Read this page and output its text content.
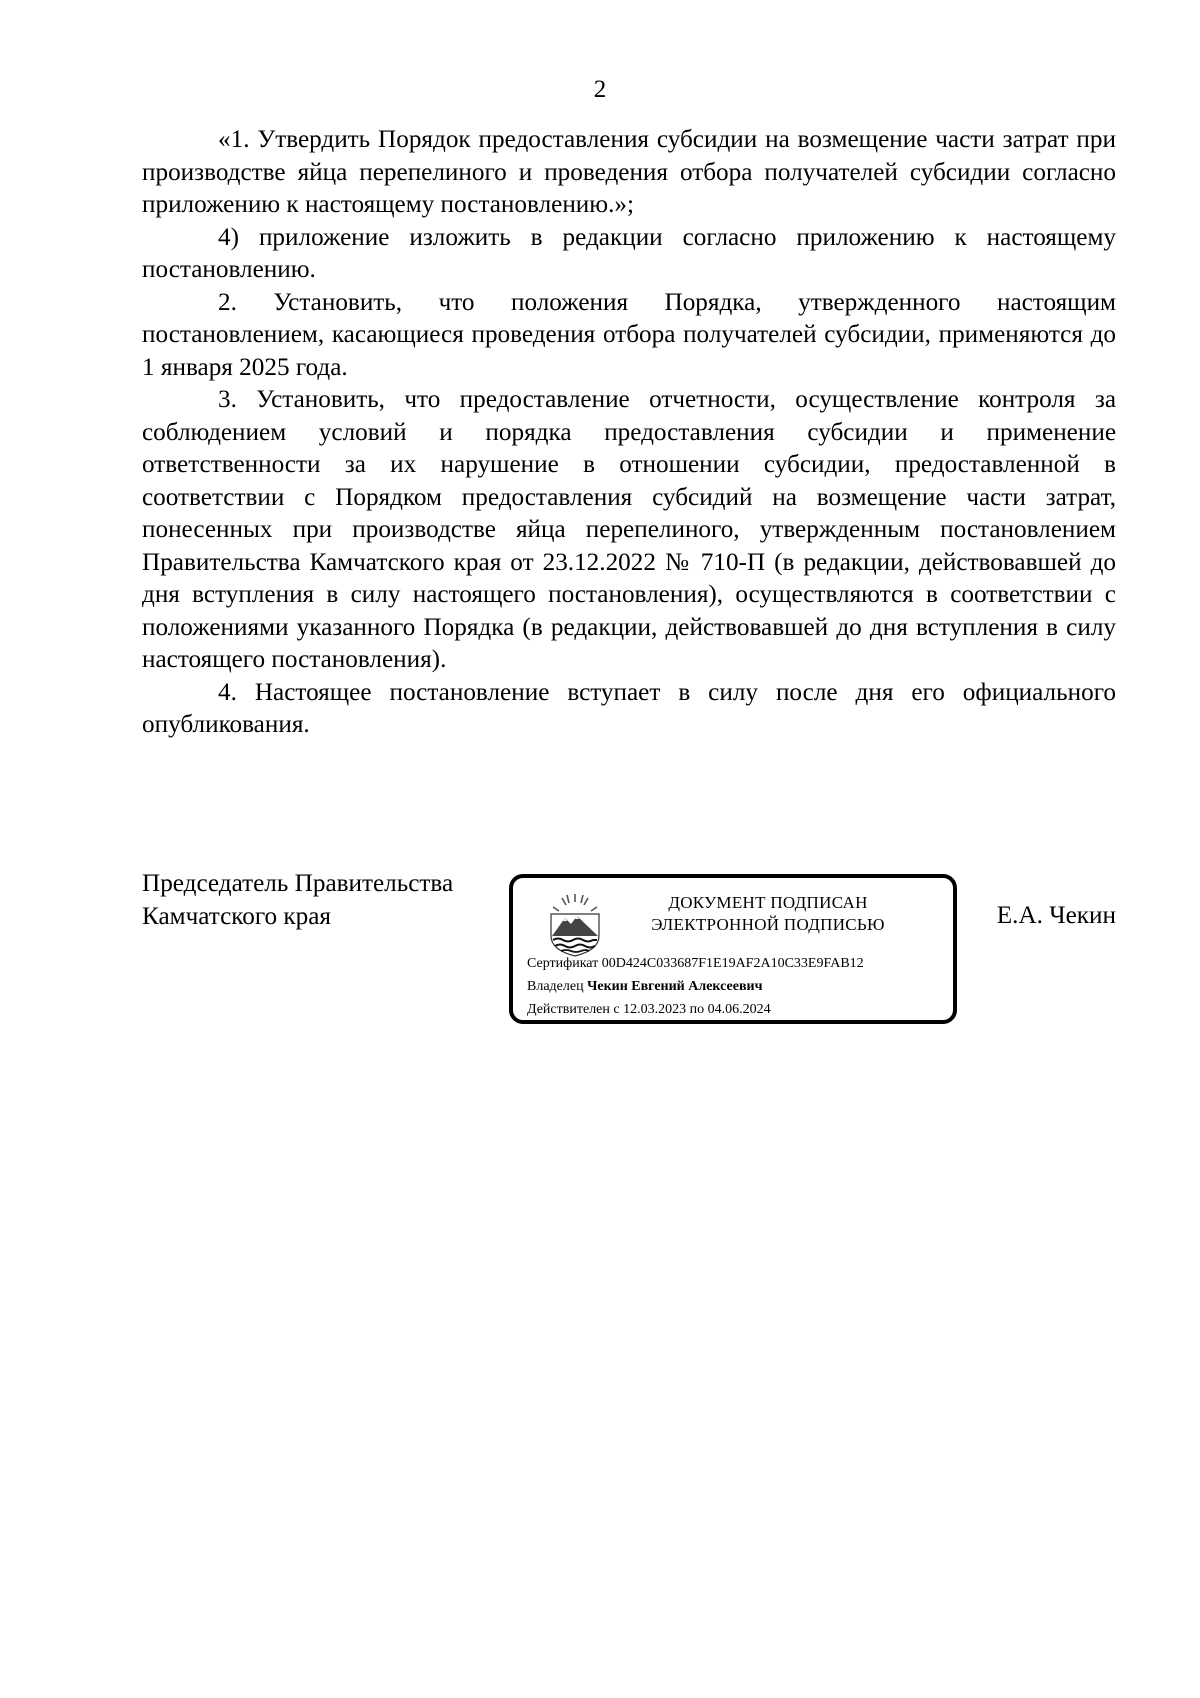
2

«1. Утвердить Порядок предоставления субсидии на возмещение части затрат при производстве яйца перепелиного и проведения отбора получателей субсидии согласно приложению к настоящему постановлению.»;

4) приложение изложить в редакции согласно приложению к настоящему постановлению.

2. Установить, что положения Порядка, утвержденного настоящим постановлением, касающиеся проведения отбора получателей субсидии, применяются до 1 января 2025 года.

3. Установить, что предоставление отчетности, осуществление контроля за соблюдением условий и порядка предоставления субсидии и применение ответственности за их нарушение в отношении субсидии, предоставленной в соответствии с Порядком предоставления субсидий на возмещение части затрат, понесенных при производстве яйца перепелиного, утвержденным постановлением Правительства Камчатского края от 23.12.2022 № 710-П (в редакции, действовавшей до дня вступления в силу настоящего постановления), осуществляются в соответствии с положениями указанного Порядка (в редакции, действовавшей до дня вступления в силу настоящего постановления).

4. Настоящее постановление вступает в силу после дня его официального опубликования.

Председатель Правительства
Камчатского края	ДОКУМЕНТ ПОДПИСАН
ЭЛЕКТРОННОЙ ПОДПИСЬЮ
Сертификат 00D424C033687F1E19AF2A10C33E9FAB12
Владелец Чекин Евгений Алексеевич
Действителен с 12.03.2023 по 04.06.2024
Е.А. Чекин
